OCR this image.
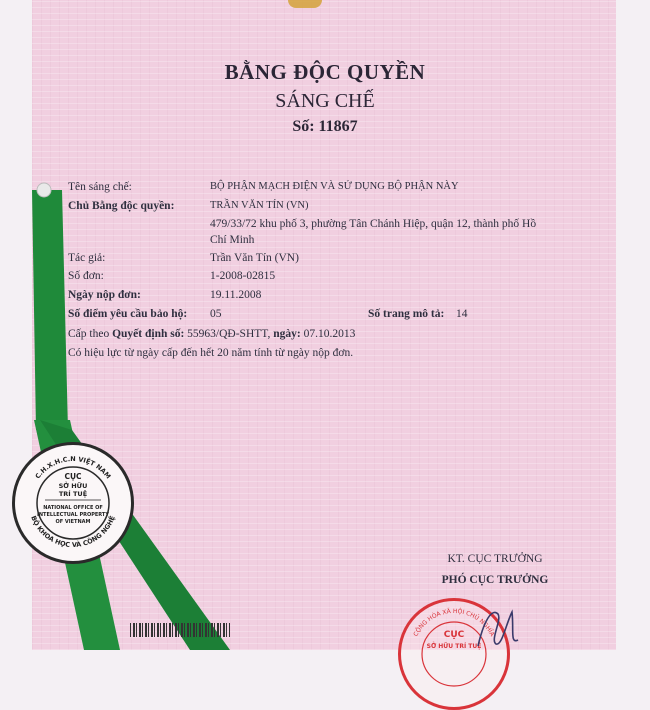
BẰNG ĐỘC QUYỀN
SÁNG CHẾ
Số: 11867
Tên sáng chế:	BỘ PHẬN MẠCH ĐIỆN VÀ SỬ DỤNG BỘ PHẬN NÀY
Chủ Bằng độc quyền:	TRẦN VĂN TÍN (VN)
479/33/72 khu phố 3, phường Tân Chánh Hiệp, quận 12, thành phố Hồ
Chí Minh
Tác giả:	Trần Văn Tín (VN)
Số đơn:	1-2008-02815
Ngày nộp đơn:	19.11.2008
Số điểm yêu cầu bảo hộ: 05	Số trang mô tả: 14
Cấp theo Quyết định số: 55963/QĐ-SHTT, ngày: 07.10.2013
Có hiệu lực từ ngày cấp đến hết 20 năm tính từ ngày nộp đơn.
C.H.X.H.C.N VIỆT NAM
BỘ KHOA HỌC VÀ CÔNG NGHỆ
CỤC
SỞ HỮU
TRÍ TUỆ
NATIONAL OFFICE OF
INTELLECTUAL PROPERTY
OF VIETNAM
KT. CỤC TRƯỞNG
PHÓ CỤC TRƯỞNG
CỘNG HÒA XÃ HỘI CHỦ NGHĨA
CỤC
SỞ HỮU TRÍ TUỆ
